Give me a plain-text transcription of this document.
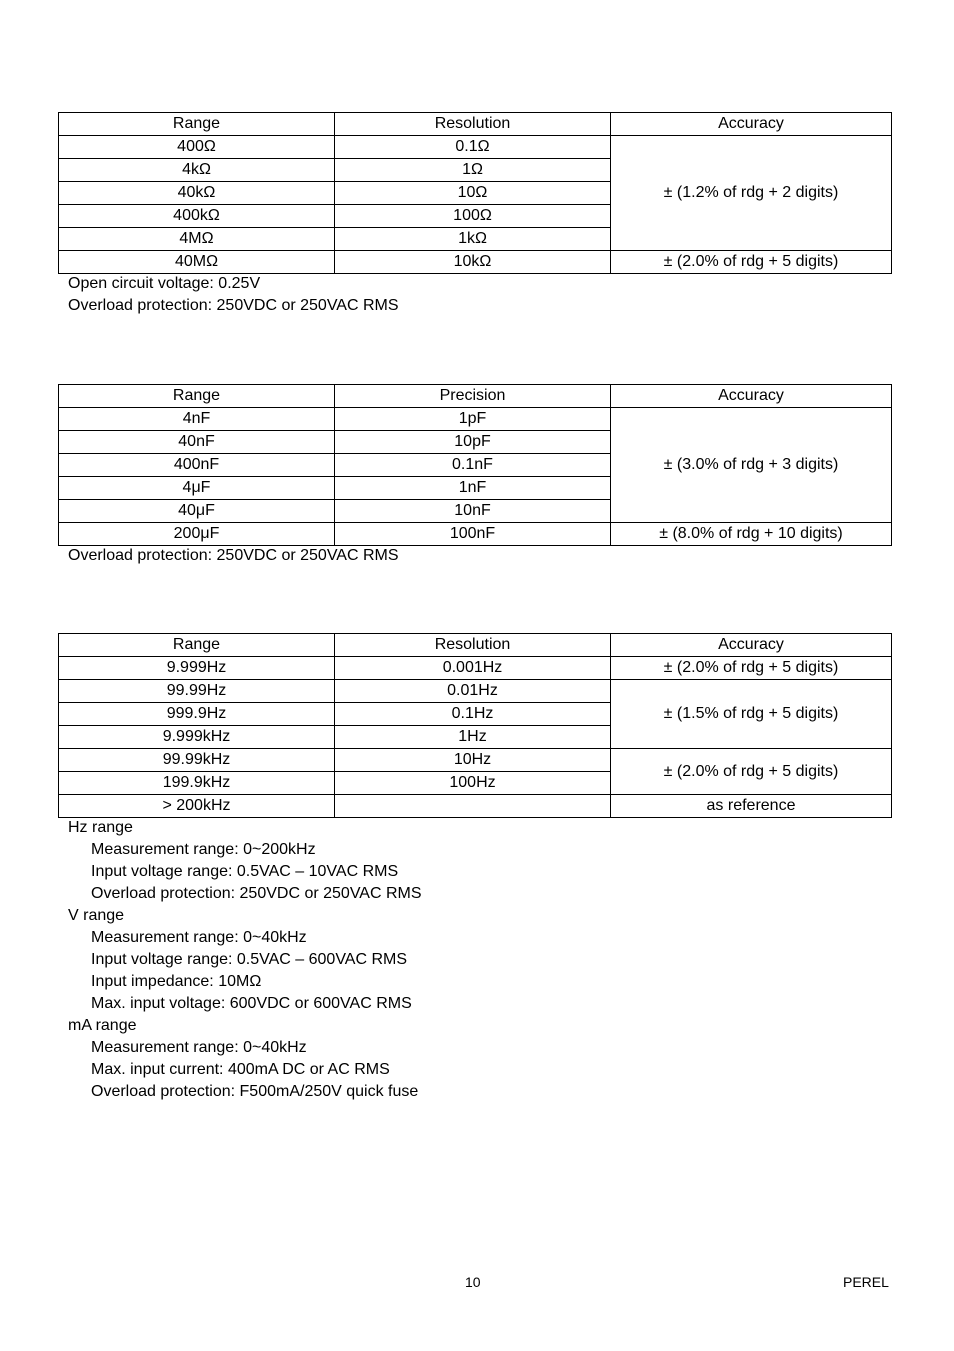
Range	Resolution	Accuracy
400Ω	0.1Ω	± (1.2% of rdg + 2 digits)
4kΩ	1Ω	
40kΩ	10Ω	
400kΩ	100Ω	
4MΩ	1kΩ	
40MΩ	10kΩ	± (2.0% of rdg + 5 digits)
Open circuit voltage: 0.25V
Overload protection: 250VDC or 250VAC RMS
Range	Precision	Accuracy
4nF	1pF	± (3.0% of rdg + 3 digits)
40nF	10pF	
400nF	0.1nF	
4μF	1nF	
40μF	10nF	
200μF	100nF	± (8.0% of rdg + 10 digits)
Overload protection: 250VDC or 250VAC RMS
Range	Resolution	Accuracy
9.999Hz	0.001Hz	± (2.0% of rdg + 5 digits)
99.99Hz	0.01Hz	± (1.5% of rdg + 5 digits)
999.9Hz	0.1Hz	
9.999kHz	1Hz	
99.99kHz	10Hz	± (2.0% of rdg + 5 digits)
199.9kHz	100Hz	
> 200kHz		as reference
Hz range
Measurement range: 0~200kHz
Input voltage range: 0.5VAC – 10VAC RMS
Overload protection: 250VDC or 250VAC RMS
V range
Measurement range: 0~40kHz
Input voltage range: 0.5VAC – 600VAC RMS
Input impedance: 10MΩ
Max. input voltage: 600VDC or 600VAC RMS
mA range
Measurement range: 0~40kHz
Max. input current: 400mA DC or AC RMS
Overload protection: F500mA/250V quick fuse
10	PEREL
